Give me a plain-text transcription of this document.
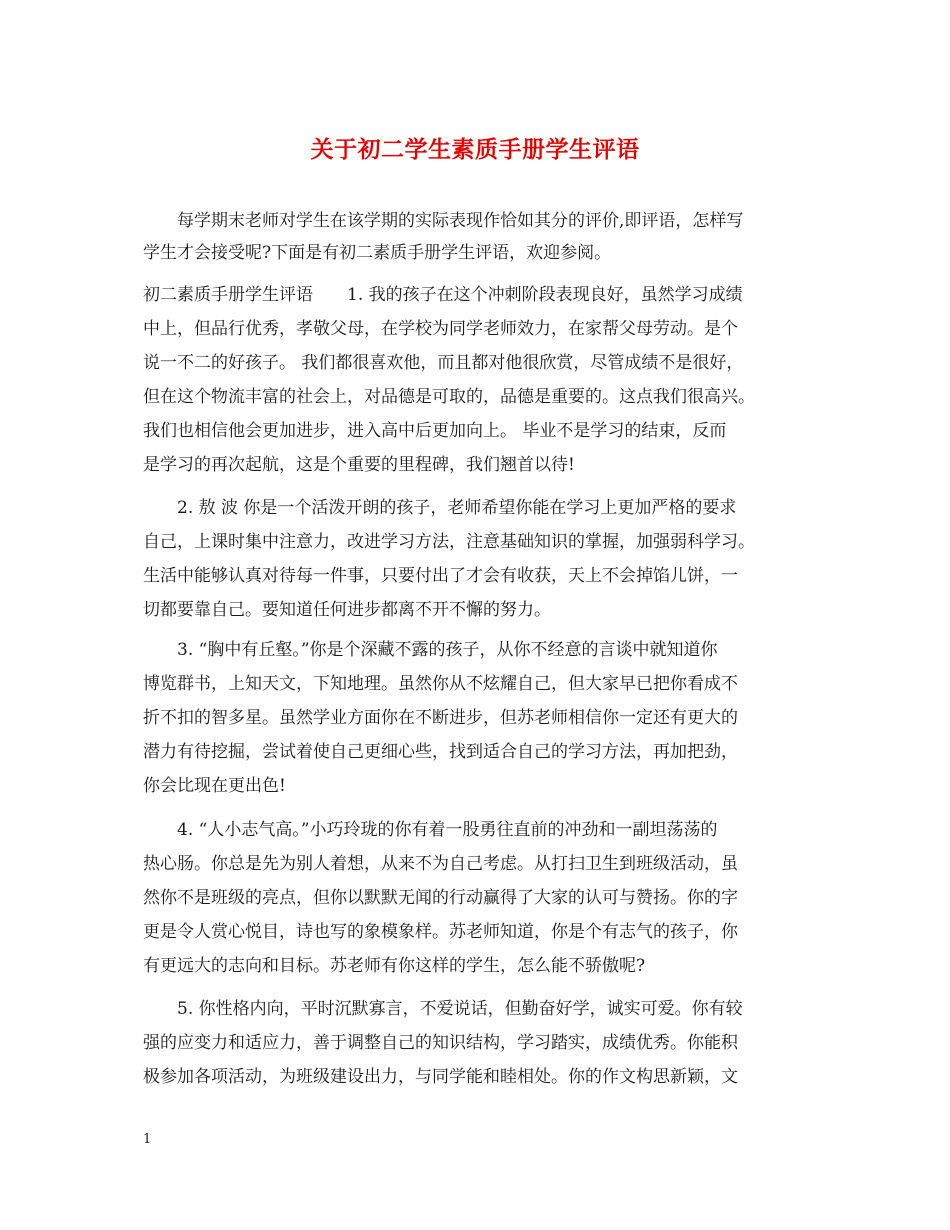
关于初二学生素质手册学生评语
　　每学期末老师对学生在该学期的实际表现作恰如其分的评价,即评语，怎样写
学生才会接受呢?下面是有初二素质手册学生评语，欢迎参阅。
初二素质手册学生评语　　1. 我的孩子在这个冲刺阶段表现良好，虽然学习成绩
中上，但品行优秀，孝敬父母，在学校为同学老师效力，在家帮父母劳动。是个
说一不二的好孩子。 我们都很喜欢他，而且都对他很欣赏，尽管成绩不是很好，
但在这个物流丰富的社会上，对品德是可取的，品德是重要的。这点我们很高兴。
我们也相信他会更加进步，进入高中后更加向上。 毕业不是学习的结束，反而
是学习的再次起航，这是个重要的里程碑，我们翘首以待!
　　2. 敖 波 你是一个活泼开朗的孩子，老师希望你能在学习上更加严格的要求
自己，上课时集中注意力，改进学习方法，注意基础知识的掌握，加强弱科学习。
生活中能够认真对待每一件事，只要付出了才会有收获，天上不会掉馅儿饼，一
切都要靠自己。要知道任何进步都离不开不懈的努力。
　　3. “胸中有丘壑。”你是个深藏不露的孩子，从你不经意的言谈中就知道你
博览群书，上知天文，下知地理。虽然你从不炫耀自己，但大家早已把你看成不
折不扣的智多星。虽然学业方面你在不断进步，但苏老师相信你一定还有更大的
潜力有待挖掘，尝试着使自己更细心些，找到适合自己的学习方法，再加把劲，
你会比现在更出色!
　　4. “人小志气高。”小巧玲珑的你有着一股勇往直前的冲劲和一副坦荡荡的
热心肠。你总是先为别人着想，从来不为自己考虑。从打扫卫生到班级活动，虽
然你不是班级的亮点，但你以默默无闻的行动赢得了大家的认可与赞扬。你的字
更是令人赏心悦目，诗也写的象模象样。苏老师知道，你是个有志气的孩子，你
有更远大的志向和目标。苏老师有你这样的学生，怎么能不骄傲呢?
　　5. 你性格内向，平时沉默寡言，不爱说话，但勤奋好学，诚实可爱。你有较
强的应变力和适应力，善于调整自己的知识结构，学习踏实，成绩优秀。你能积
极参加各项活动，为班级建设出力，与同学能和睦相处。你的作文构思新颖，文
1
